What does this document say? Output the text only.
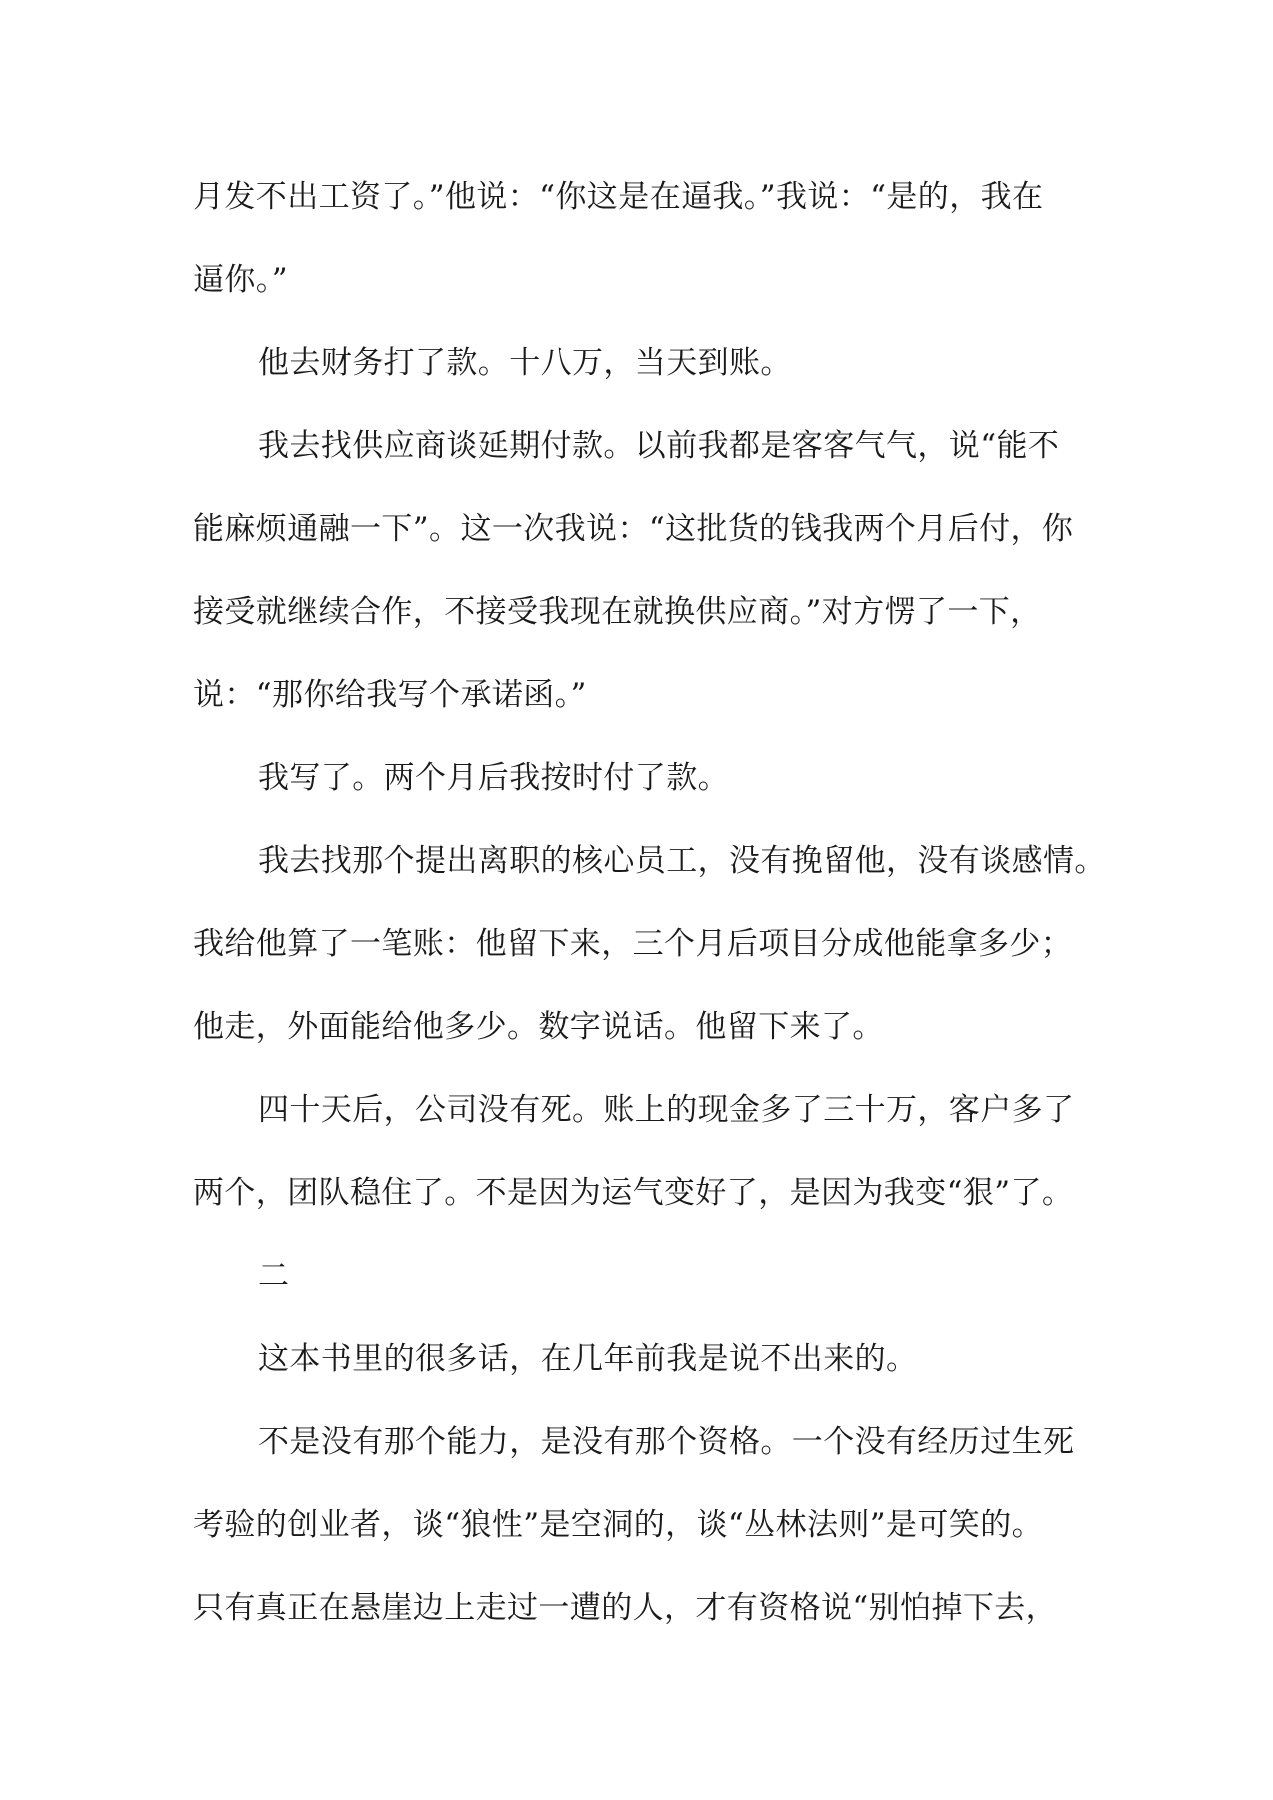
月发不出工资了。”他说：“你这是在逼我。”我说：“是的，我在
逼你。”
他去财务打了款。十八万，当天到账。
我去找供应商谈延期付款。以前我都是客客气气，说“能不
能麻烦通融一下”。这一次我说：“这批货的钱我两个月后付，你
接受就继续合作，不接受我现在就换供应商。”对方愣了一下，
说：“那你给我写个承诺函。”
我写了。两个月后我按时付了款。
我去找那个提出离职的核心员工，没有挽留他，没有谈感情。
我给他算了一笔账：他留下来，三个月后项目分成他能拿多少；
他走，外面能给他多少。数字说话。他留下来了。
四十天后，公司没有死。账上的现金多了三十万，客户多了
两个，团队稳住了。不是因为运气变好了，是因为我变“狠”了。
二
这本书里的很多话，在几年前我是说不出来的。
不是没有那个能力，是没有那个资格。一个没有经历过生死
考验的创业者，谈“狼性”是空洞的，谈“丛林法则”是可笑的。
只有真正在悬崖边上走过一遭的人，才有资格说“别怕掉下去，
